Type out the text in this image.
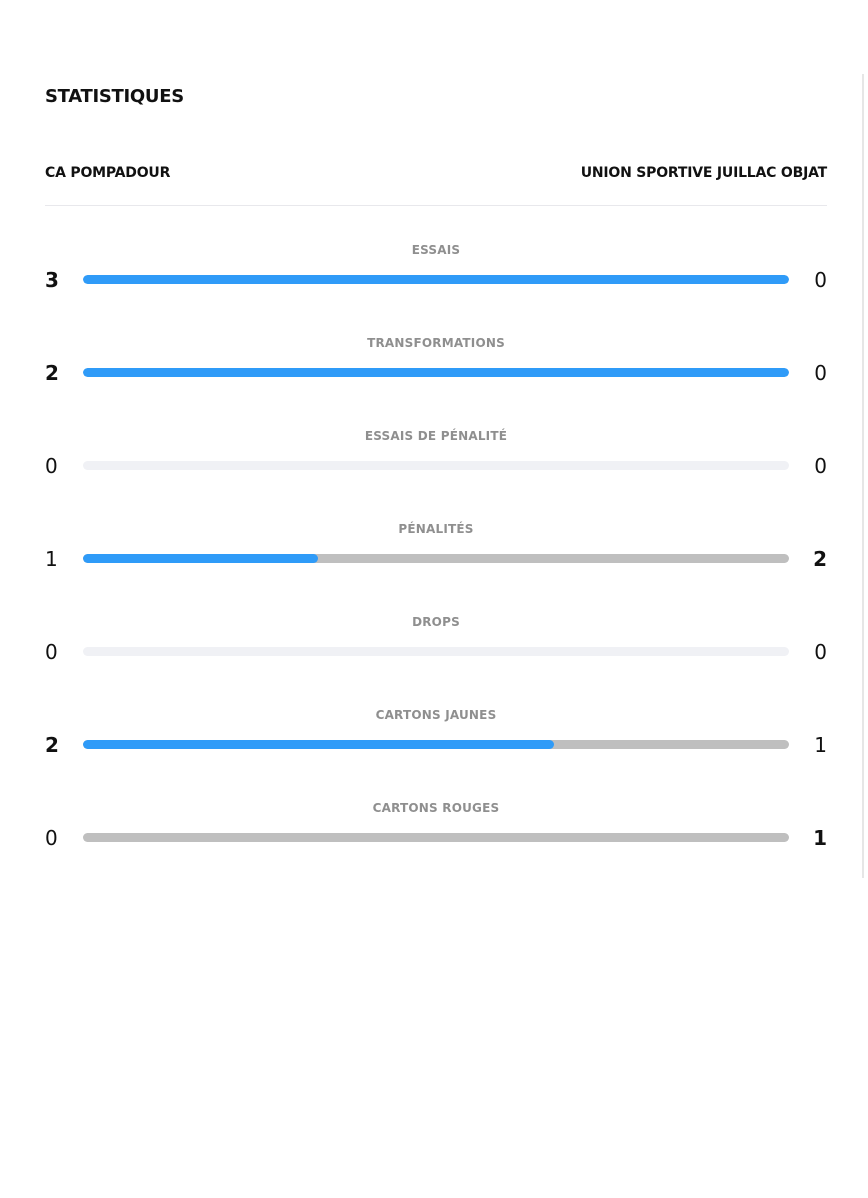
STATISTIQUES
CA POMPADOUR	UNION SPORTIVE JUILLAC OBJAT
ESSAIS
3	0
TRANSFORMATIONS
2	0
ESSAIS DE PÉNALITÉ
0	0
PÉNALITÉS
1	2
DROPS
0	0
CARTONS JAUNES
2	1
CARTONS ROUGES
0	1
